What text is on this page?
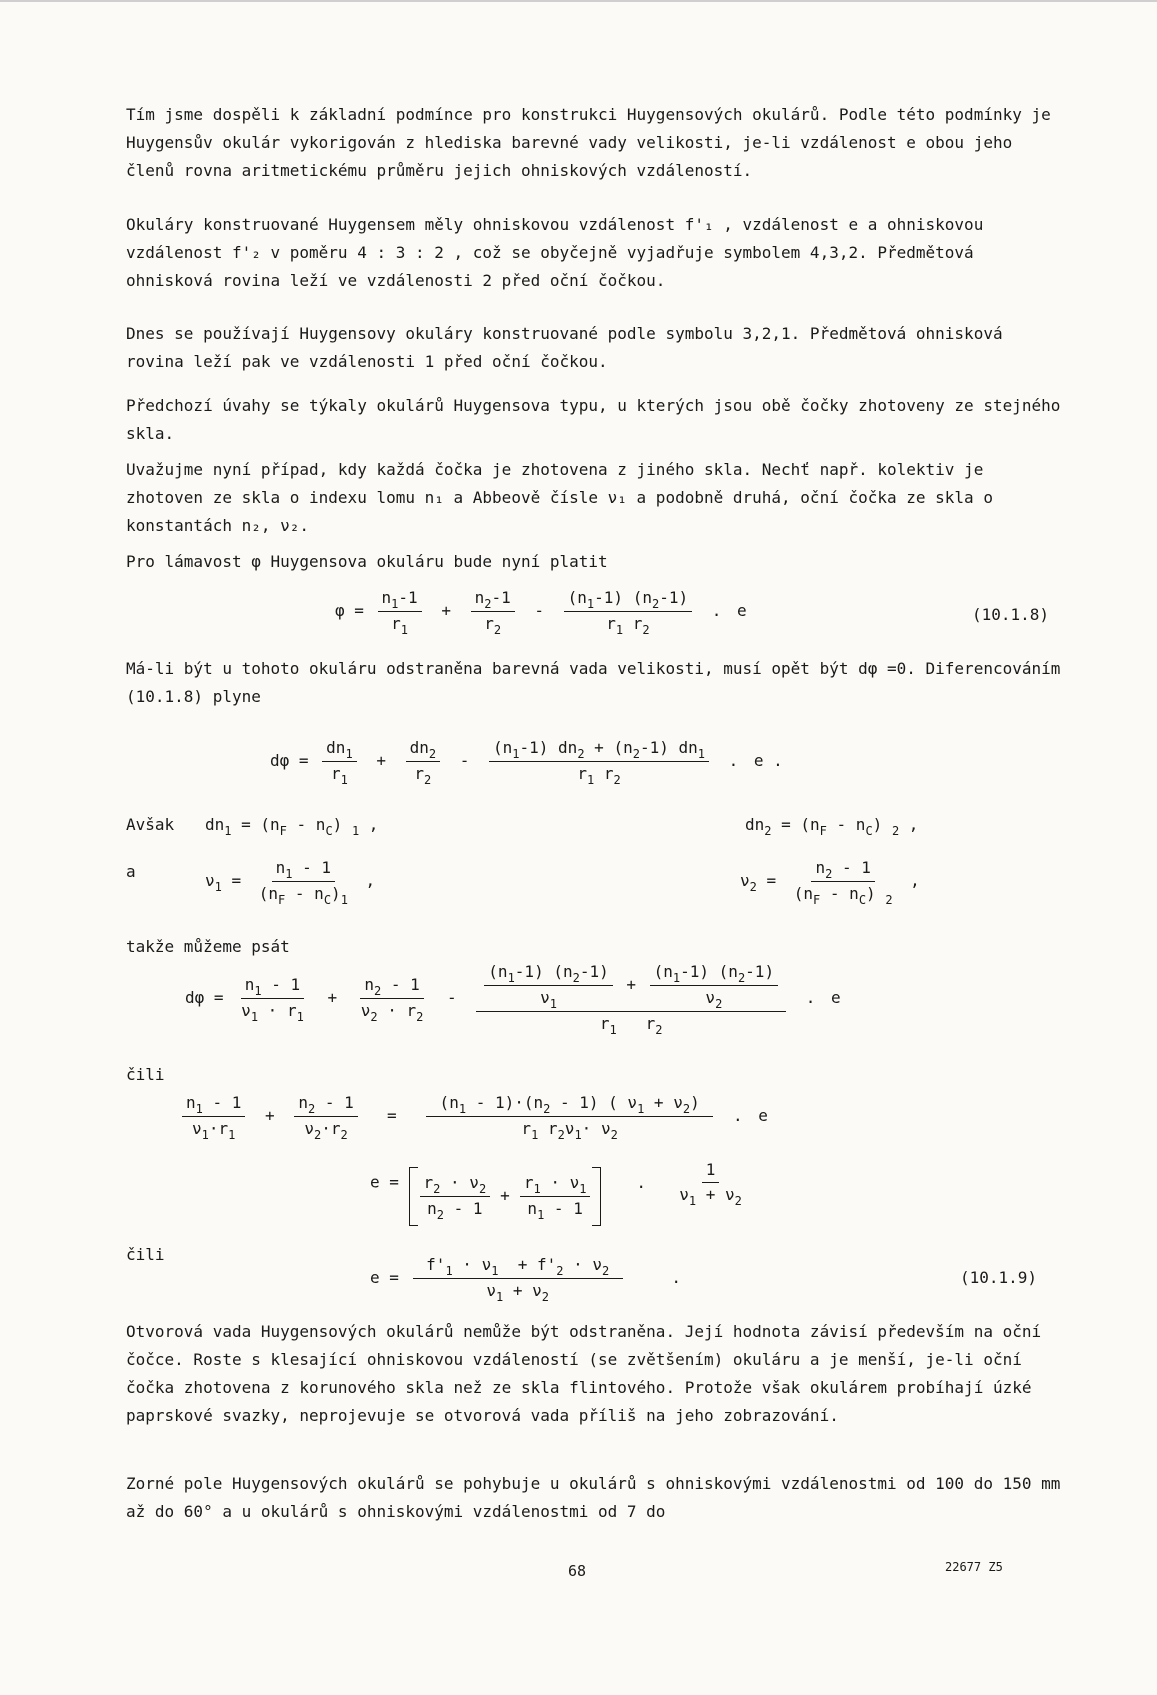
Tím jsme dospěli k základní podmínce pro konstrukci Huygensových okulárů. Podle této podmínky je Huygensův okulár vykorigován z hlediska barevné vady velikosti, je-li vzdálenost e obou jeho členů rovna aritmetickému průměru jejich ohniskových vzdáleností.

Okuláry konstruované Huygensem měly ohniskovou vzdálenost f'₁ , vzdálenost e a ohniskovou vzdálenost f'₂ v poměru 4 : 3 : 2 , což se obyčejně vyjadřuje symbolem 4,3,2. Předmětová ohnisková rovina leží ve vzdálenosti 2 před oční čočkou.

Dnes se používají Huygensovy okuláry konstruované podle symbolu 3,2,1. Předmětová ohnisková rovina leží pak ve vzdálenosti 1 před oční čočkou.

Předchozí úvahy se týkaly okulárů Huygensova typu, u kterých jsou obě čočky zhotoveny ze stejného skla.

Uvažujme nyní případ, kdy každá čočka je zhotovena z jiného skla. Nechť např. kolektiv je zhotoven ze skla o indexu lomu n₁ a Abbeově čísle ν₁ a podobně druhá, oční čočka ze skla o konstantách n₂, ν₂.

Pro lámavost φ Huygensova okuláru bude nyní platit

$\varphi = \frac{n_1-1}{r_1} + \frac{n_2-1}{r_2} - \frac{(n_1-1) (n_2-1)}{r_1 r_2}$ . e	(10.1.8)

Má-li být u tohoto okuláru odstraněna barevná vada velikosti, musí opět být dφ =0. Diferencováním (10.1.8) plyne

$d\varphi = \frac{dn_1}{r_1} + \frac{dn_2}{r_2} - \frac{(n_1-1) dn_2 + (n_2-1) dn_1}{r_1 r_2}$ . e .
Avšak $dn_1 = (n_F - n_C)$ $_1$ ,	$dn_2 = (n_F - n_C)$ $_2$ ,
a	$\nu_1 = \frac{n_1 - 1}{(n_F - n_C)_1}$ ,	$\nu_2 = \frac{n_2 - 1}{(n_F - n_C) _2}$ ,
takže můžeme psát
$d\varphi = \frac{n_1 - 1}{\nu_1 \cdot r_1} + \frac{n_2 - 1}{\nu_2 \cdot r_2} - \frac{\frac{(n_1-1) (n_2-1)}{\nu_1} + \frac{(n_1-1) (n_2-1)}{\nu_2}}{r_1 r_2}$ . e
čili
$\frac{n_1 - 1}{\nu_1\cdot r_1} + \frac{n_2 - 1}{\nu_2\cdot r_2} = \frac{(n_1 - 1)\cdot(n_2 - 1) ( \nu_1 + \nu_2)}{r_1 r_2\nu_1\cdot \nu_2}$ . e
$e = \frac{r_2 \cdot \nu_2}{n_2 - 1} + \frac{r_1 \cdot \nu_1}{n_1 - 1}$ . $\frac{1}{\nu_1 + \nu_2}$
čili
$e = \frac{f'_1 \cdot \nu_1 + f'_2 \cdot \nu_2}{\nu_1 + \nu_2}$ .	(10.1.9)

Otvorová vada Huygensových okulárů nemůže být odstraněna. Její hodnota závisí především na oční čočce. Roste s klesající ohniskovou vzdáleností (se zvětšením) okuláru a je menší, je-li oční čočka zhotovena z korunového skla než ze skla flintového. Protože však okulárem probíhají úzké paprskové svazky, neprojevuje se otvorová vada příliš na jeho zobrazování.

Zorné pole Huygensových okulárů se pohybuje u okulárů s ohniskovými vzdálenostmi od 100 do 150 mm až do 60° a u okulárů s ohniskovými vzdálenostmi od 7 do

68	22677 Z5
